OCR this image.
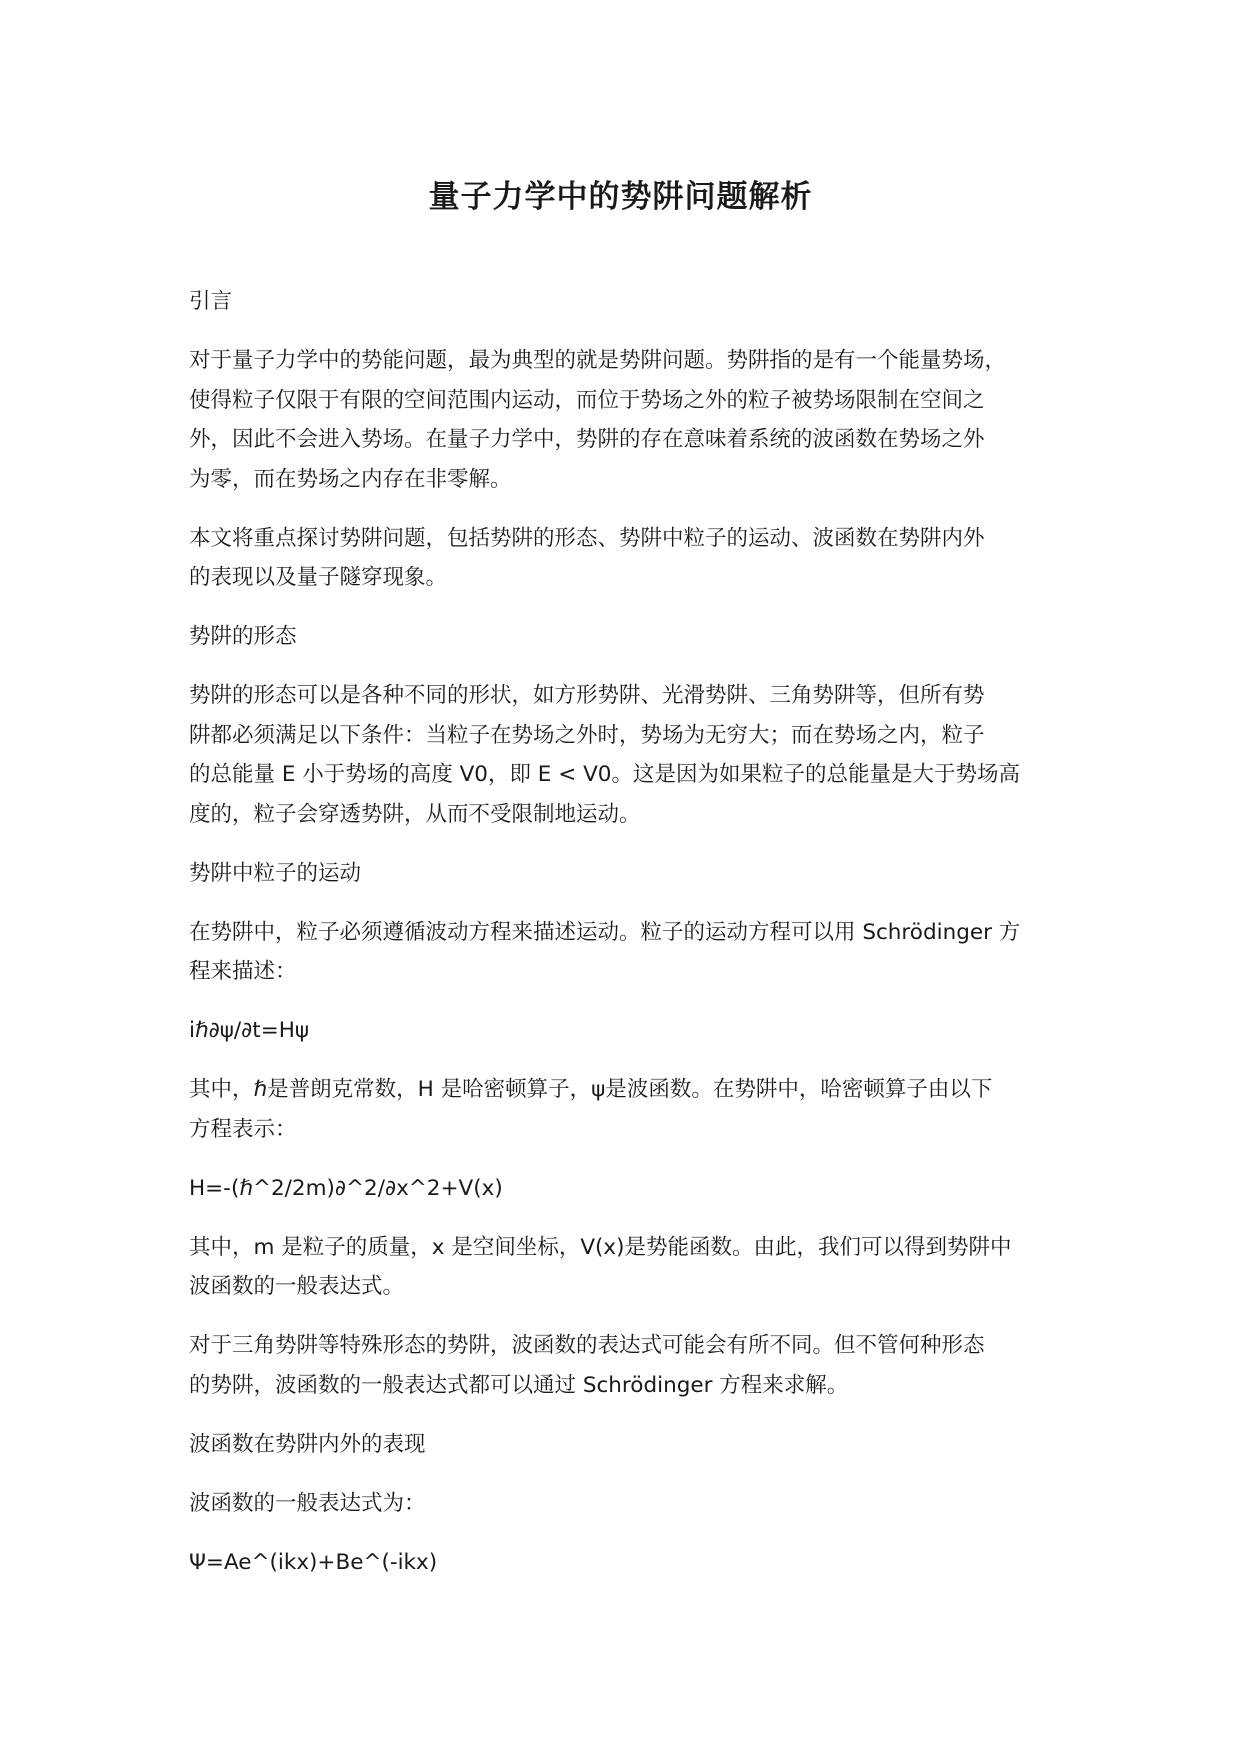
量子力学中的势阱问题解析
引言
对于量子力学中的势能问题，最为典型的就是势阱问题。势阱指的是有一个能量势场，
使得粒子仅限于有限的空间范围内运动，而位于势场之外的粒子被势场限制在空间之
外，因此不会进入势场。在量子力学中，势阱的存在意味着系统的波函数在势场之外
为零，而在势场之内存在非零解。
本文将重点探讨势阱问题，包括势阱的形态、势阱中粒子的运动、波函数在势阱内外
的表现以及量子隧穿现象。
势阱的形态
势阱的形态可以是各种不同的形状，如方形势阱、光滑势阱、三角势阱等，但所有势
阱都必须满足以下条件：当粒子在势场之外时，势场为无穷大；而在势场之内，粒子
的总能量 E 小于势场的高度 V0，即 E < V0。这是因为如果粒子的总能量是大于势场高
度的，粒子会穿透势阱，从而不受限制地运动。
势阱中粒子的运动
在势阱中，粒子必须遵循波动方程来描述运动。粒子的运动方程可以用 Schrödinger 方
程来描述：
iℏ∂ψ/∂t=Hψ
其中，ℏ是普朗克常数，H 是哈密顿算子，ψ是波函数。在势阱中，哈密顿算子由以下
方程表示：
H=-(ℏ^2/2m)∂^2/∂x^2+V(x)
其中，m 是粒子的质量，x 是空间坐标，V(x)是势能函数。由此，我们可以得到势阱中
波函数的一般表达式。
对于三角势阱等特殊形态的势阱，波函数的表达式可能会有所不同。但不管何种形态
的势阱，波函数的一般表达式都可以通过 Schrödinger 方程来求解。
波函数在势阱内外的表现
波函数的一般表达式为：
Ψ=Ae^(ikx)+Be^(-ikx)
